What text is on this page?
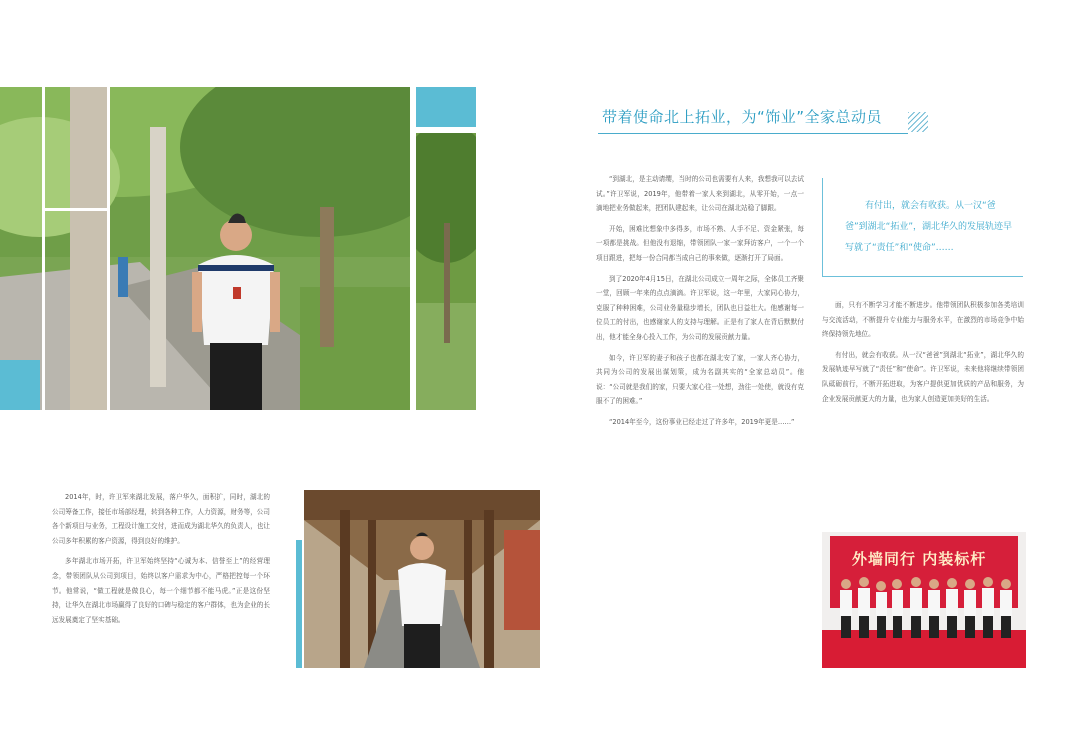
2014年，时，许卫军来湖北发展，落户华久，面积扩，同时，湖北的公司筹备工作，接任市场部经理，转到各种工作，人力资源，财务等，公司各个新项目与业务，工程设计施工交付，进而成为湖北华久的负责人，也让公司多年积累的客户资源，得到良好的维护。

多年湖北市场开拓，许卫军始终坚持“心诚为本、信誉至上”的经营理念，带领团队从公司到项目，始终以客户需求为中心，严格把控每一个环节。他常说，“做工程就是做良心，每一个细节都不能马虎。”正是这份坚持，让华久在湖北市场赢得了良好的口碑与稳定的客户群体，也为企业的长远发展奠定了坚实基础。

带着使命北上拓业，为“饰业”全家总动员

“到湖北，是主动请缨，当时的公司也需要有人来，我想我可以去试试。”许卫军说，2019年，他带着一家人来到湖北，从零开始，一点一滴地把业务做起来，把团队建起来，让公司在湖北站稳了脚跟。

开始，困难比想象中多得多，市场不熟、人手不足、资金紧张，每一项都是挑战。但他没有退缩，带领团队一家一家拜访客户，一个一个项目跟进，把每一份合同都当成自己的事来做，逐渐打开了局面。

到了2020年4月15日，在湖北公司成立一周年之际，全体员工齐聚一堂，回顾一年来的点点滴滴。许卫军说，这一年里，大家同心协力，克服了种种困难，公司业务量稳步增长，团队也日益壮大。他感谢每一位员工的付出，也感谢家人的支持与理解。正是有了家人在背后默默付出，他才能全身心投入工作，为公司的发展贡献力量。

如今，许卫军的妻子和孩子也都在湖北安了家，一家人齐心协力，共同为公司的发展出谋划策，成为名副其实的“全家总动员”。他说：“公司就是我们的家，只要大家心往一处想，劲往一处使，就没有克服不了的困难。”

“2014年至今，这份事业已经走过了许多年，2019年更是……”

有付出，就会有收获。从一汉“爸爸”到湖北“拓业”，湖北华久的发展轨迹早写就了“责任”和“使命”……

面，只有不断学习才能不断进步。他带领团队积极参加各类培训与交流活动，不断提升专业能力与服务水平，在激烈的市场竞争中始终保持领先地位。

有付出，就会有收获。从一汉“爸爸”到湖北“拓业”，湖北华久的发展轨迹早写就了“责任”和“使命”。许卫军说，未来他将继续带领团队砥砺前行，不断开拓进取，为客户提供更加优质的产品和服务，为企业发展贡献更大的力量，也为家人创造更加美好的生活。

外墙同行 内装标杆
